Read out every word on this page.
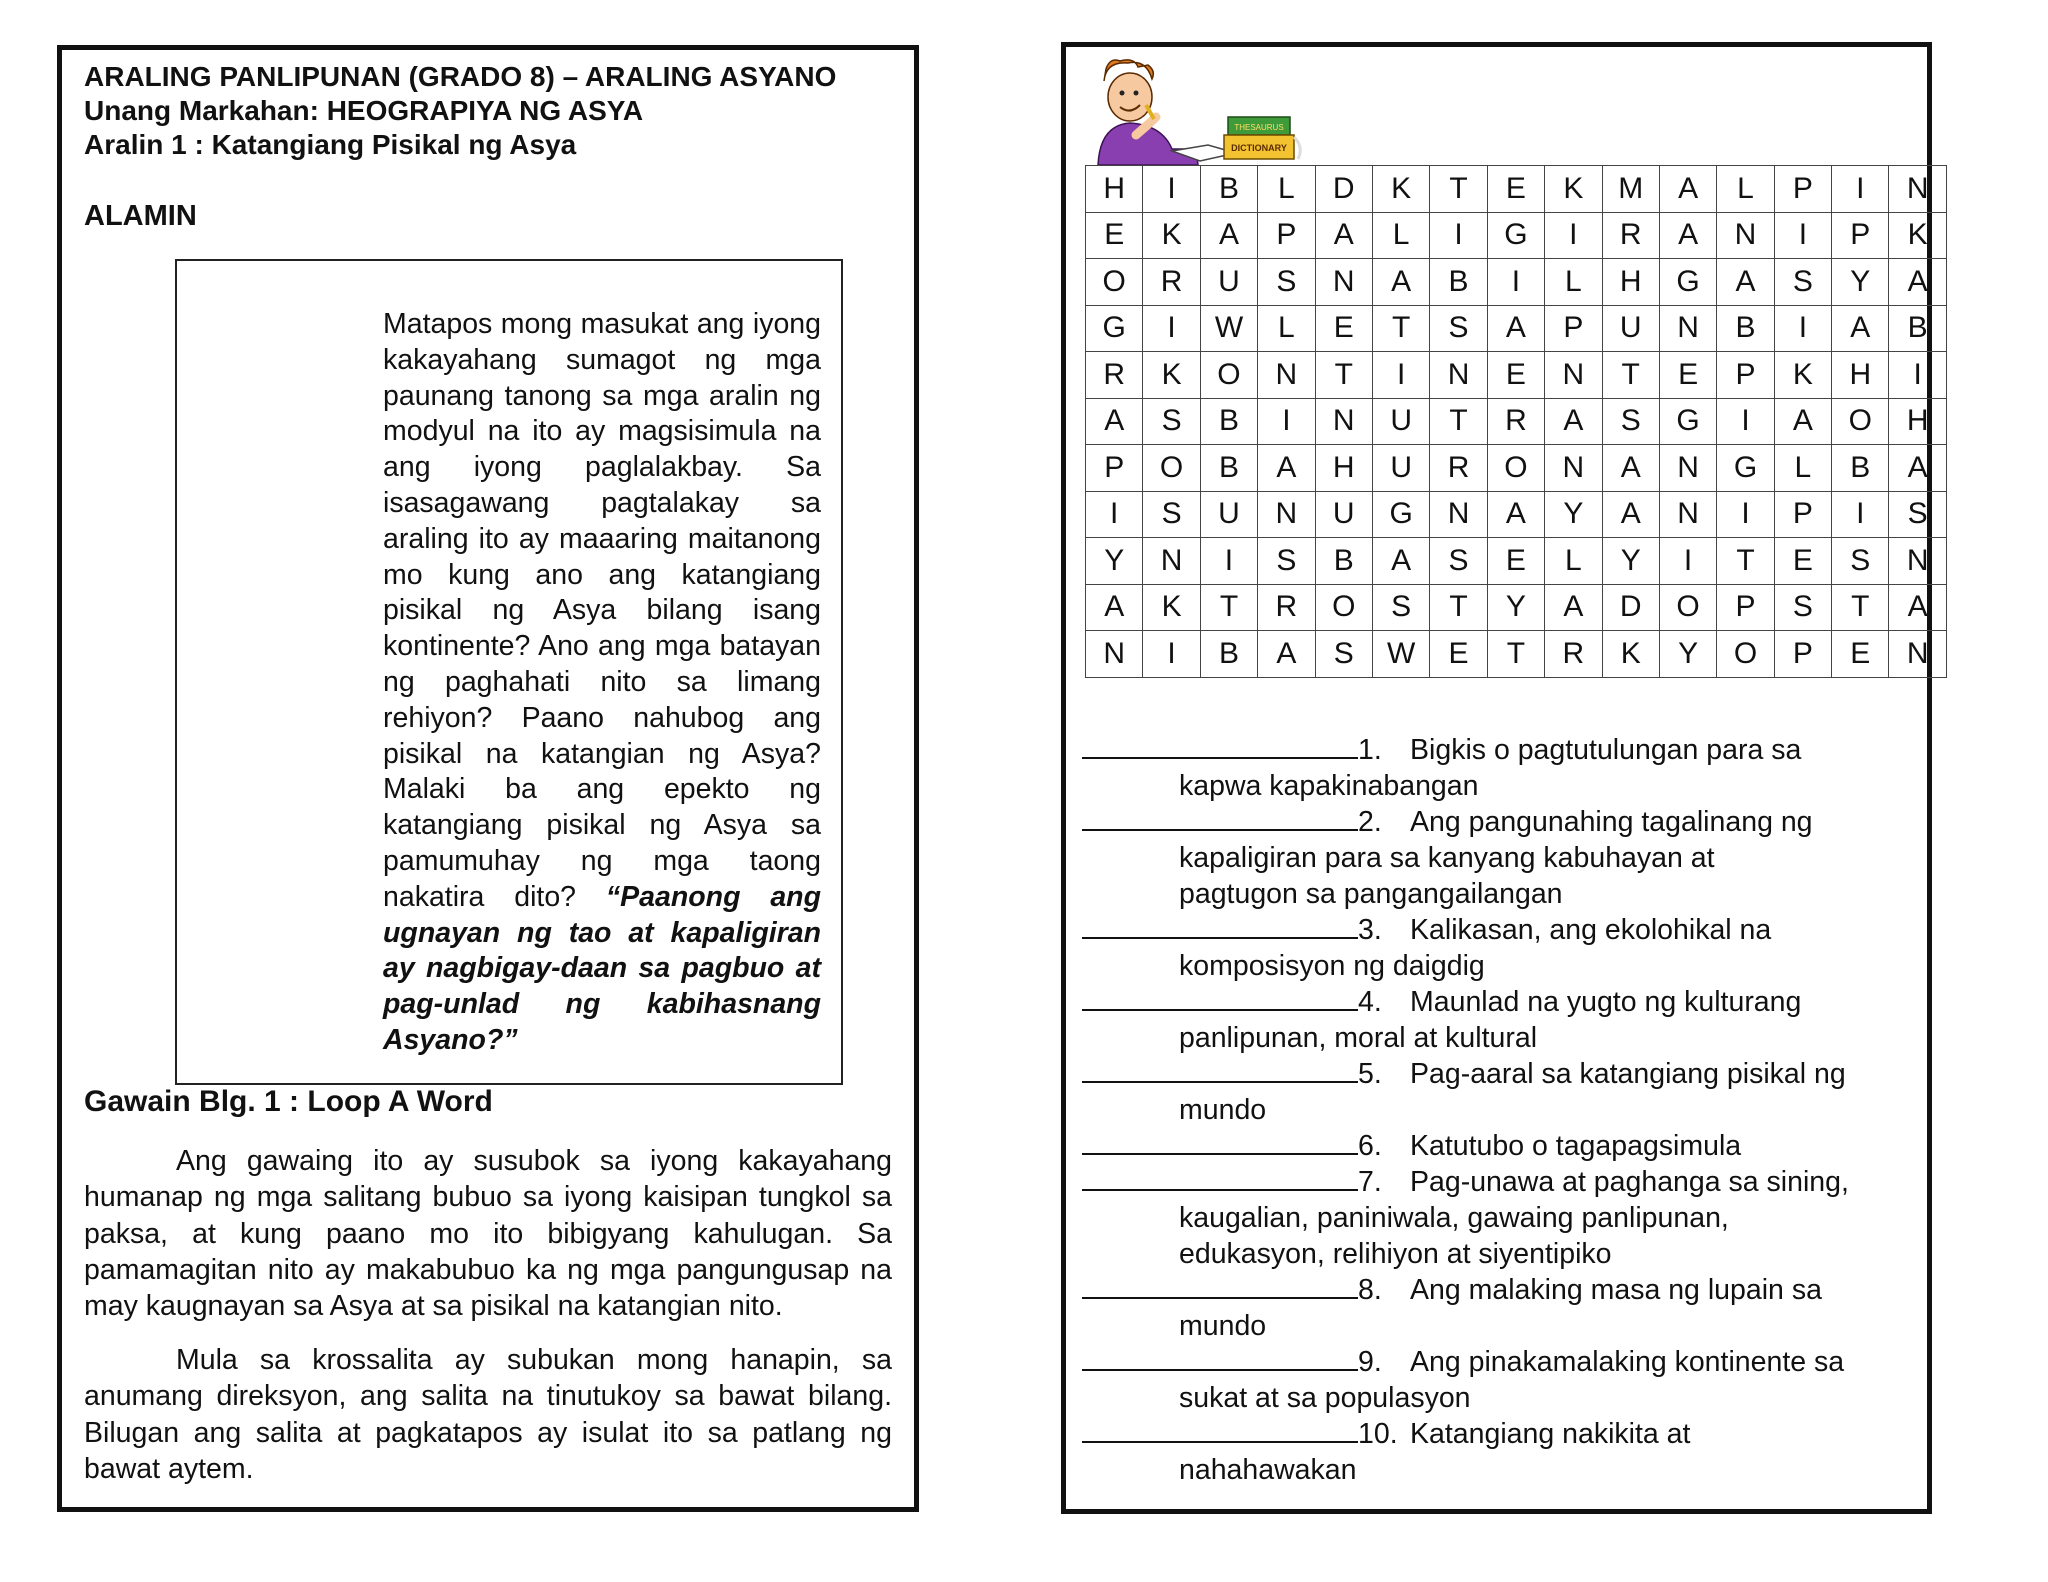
ARALING PANLIPUNAN (GRADO 8) – ARALING ASYANO
Unang Markahan: HEOGRAPIYA NG ASYA
Aralin 1 : Katangiang Pisikal ng Asya
ALAMIN
Matapos mong masukat ang iyong kakayahang sumagot ng mga paunang tanong sa mga aralin ng modyul na ito ay magsisimula na ang iyong paglalakbay. Sa isasagawang pagtalakay sa araling ito ay maaaring maitanong mo kung ano ang katangiang pisikal ng Asya bilang isang kontinente? Ano ang mga batayan ng paghahati nito sa limang rehiyon? Paano nahubog ang pisikal na katangian ng Asya? Malaki ba ang epekto ng katangiang pisikal ng Asya sa pamumuhay ng mga taong nakatira dito? “Paanong ang ugnayan ng tao at kapaligiran ay nagbigay-daan sa pagbuo at pag-unlad ng kabihasnang Asyano?”
Gawain Blg. 1 : Loop A Word
Ang gawaing ito ay susubok sa iyong kakayahang humanap ng mga salitang bubuo sa iyong kaisipan tungkol sa paksa, at kung paano mo ito bibigyang kahulugan. Sa pamamagitan nito ay makabubuo ka ng mga pangungusap na may kaugnayan sa Asya at sa pisikal na katangian nito.
Mula sa krossalita ay subukan mong hanapin, sa anumang direksyon, ang salita na tinutukoy sa bawat bilang. Bilugan ang salita at pagkatapos ay isulat ito sa patlang ng bawat aytem.
THESAURUS
DICTIONARY
H	I	B	L	D	K	T	E	K	M	A	L	P	I	N
E	K	A	P	A	L	I	G	I	R	A	N	I	P	K
O	R	U	S	N	A	B	I	L	H	G	A	S	Y	A
G	I	W	L	E	T	S	A	P	U	N	B	I	A	B
R	K	O	N	T	I	N	E	N	T	E	P	K	H	I
A	S	B	I	N	U	T	R	A	S	G	I	A	O	H
P	O	B	A	H	U	R	O	N	A	N	G	L	B	A
I	S	U	N	U	G	N	A	Y	A	N	I	P	I	S
Y	N	I	S	B	A	S	E	L	Y	I	T	E	S	N
A	K	T	R	O	S	T	Y	A	D	O	P	S	T	A
N	I	B	A	S	W	E	T	R	K	Y	O	P	E	N
1. Bigkis o pagtutulungan para sa
kapwa kapakinabangan
2. Ang pangunahing tagalinang ng
kapaligiran para sa kanyang kabuhayan at
pagtugon sa pangangailangan
3. Kalikasan, ang ekolohikal na
komposisyon ng daigdig
4. Maunlad na yugto ng kulturang
panlipunan, moral at kultural
5. Pag-aaral sa katangiang pisikal ng
mundo
6. Katutubo o tagapagsimula
7. Pag-unawa at paghanga sa sining,
kaugalian, paniniwala, gawaing panlipunan,
edukasyon, relihiyon at siyentipiko
8. Ang malaking masa ng lupain sa
mundo
9. Ang pinakamalaking kontinente sa
sukat at sa populasyon
10. Katangiang nakikita at
nahahawakan
